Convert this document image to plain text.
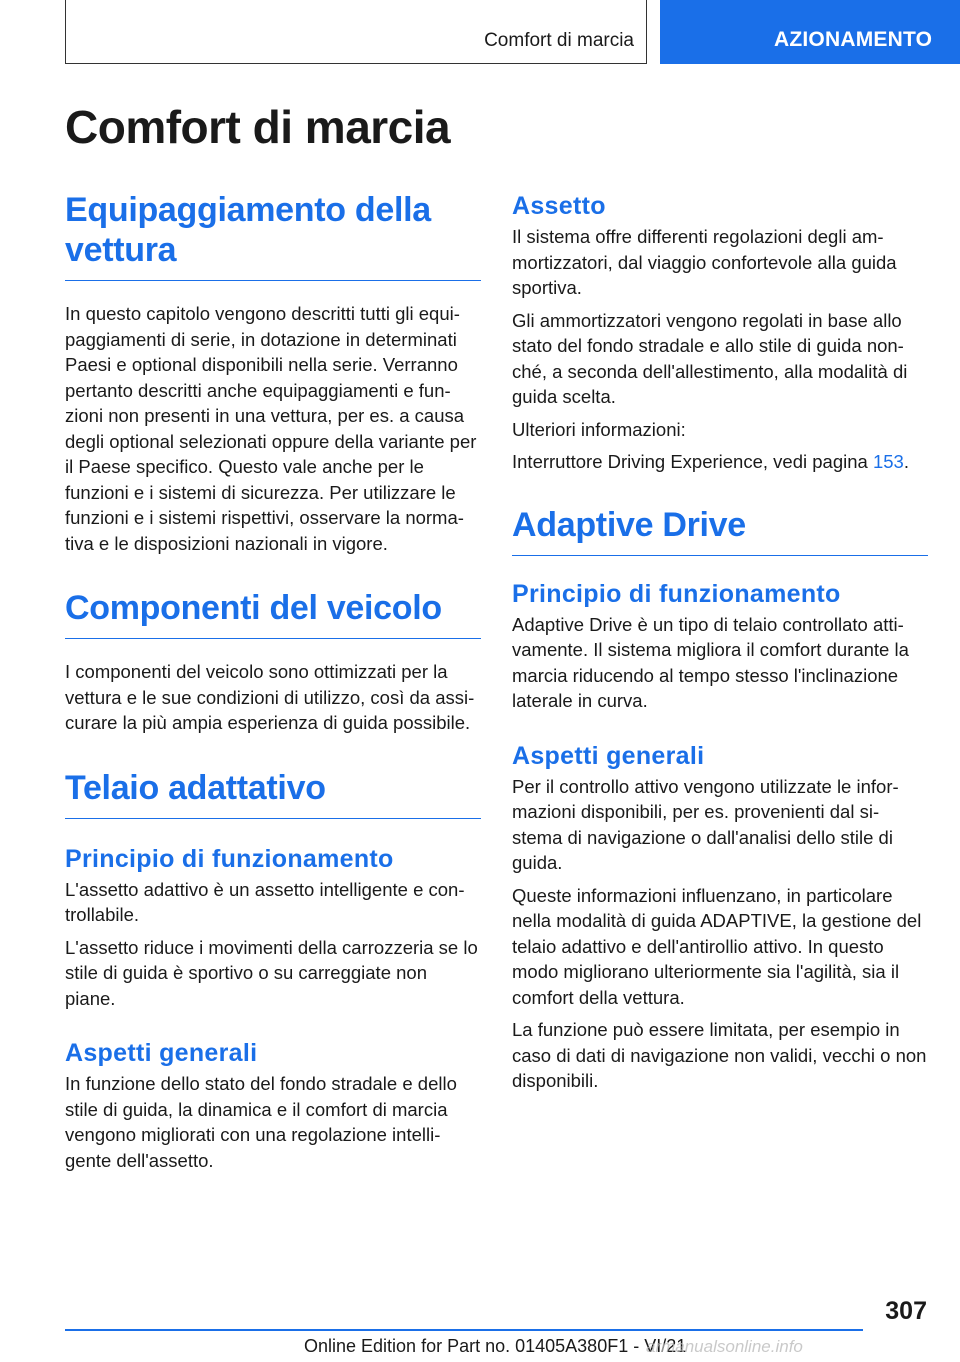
Comfort di marcia	AZIONAMENTO
Comfort di marcia
Equipaggiamento della vettura

In questo capitolo vengono descritti tutti gli equi-paggiamenti di serie, in dotazione in determinati Paesi e optional disponibili nella serie. Verranno pertanto descritti anche equipaggiamenti e fun-zioni non presenti in una vettura, per es. a causa degli optional selezionati oppure della variante per il Paese specifico. Questo vale anche per le funzioni e i sistemi di sicurezza. Per utilizzare le funzioni e i sistemi rispettivi, osservare la norma-tiva e le disposizioni nazionali in vigore.

Componenti del veicolo

I componenti del veicolo sono ottimizzati per la vettura e le sue condizioni di utilizzo, così da assi-curare la più ampia esperienza di guida possibile.

Telaio adattativo
Principio di funzionamento

L'assetto adattivo è un assetto intelligente e con-trollabile.

L'assetto riduce i movimenti della carrozzeria se lo stile di guida è sportivo o su carreggiate non piane.

Aspetti generali

In funzione dello stato del fondo stradale e dello stile di guida, la dinamica e il comfort di marcia vengono migliorati con una regolazione intelli-gente dell'assetto.

Assetto

Il sistema offre differenti regolazioni degli am-mortizzatori, dal viaggio confortevole alla guida sportiva.

Gli ammortizzatori vengono regolati in base allo stato del fondo stradale e allo stile di guida non-ché, a seconda dell'allestimento, alla modalità di guida scelta.

Ulteriori informazioni:

Interruttore Driving Experience, vedi pagina 153.

Adaptive Drive
Principio di funzionamento

Adaptive Drive è un tipo di telaio controllato atti-vamente. Il sistema migliora il comfort durante la marcia riducendo al tempo stesso l'inclinazione laterale in curva.

Aspetti generali

Per il controllo attivo vengono utilizzate le infor-mazioni disponibili, per es. provenienti dal si-stema di navigazione o dall'analisi dello stile di guida.

Queste informazioni influenzano, in particolare nella modalità di guida ADAPTIVE, la gestione del telaio adattivo e dell'antirollio attivo. In questo modo migliorano ulteriormente sia l'agilità, sia il comfort della vettura.

La funzione può essere limitata, per esempio in caso di dati di navigazione non validi, vecchi o non disponibili.

307
Online Edition for Part no. 01405A380F1 - VI/21
armanualsonline.info
